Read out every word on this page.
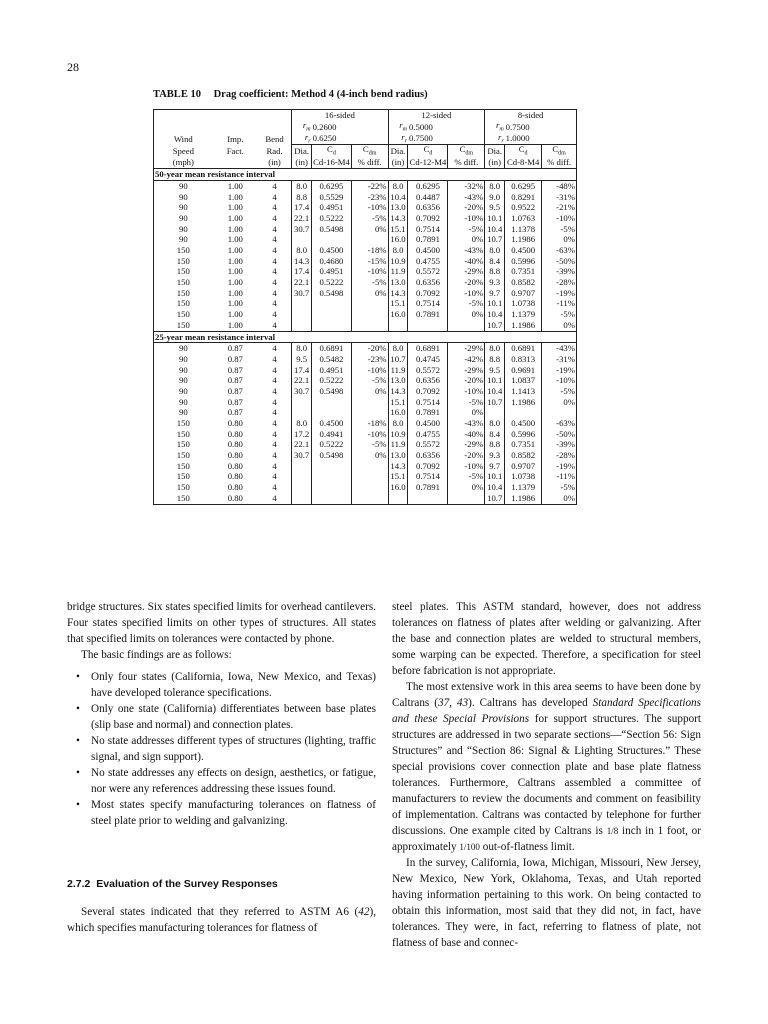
28
TABLE 10 Drag coefficient: Method 4 (4-inch bend radius)
			16-sided			12-sided			8-sided		
			$r_m$	0.2600		$r_m$	0.5000		$r_m$	0.7500	
Wind	Imp.	Bend	$r_r$	0.6250		$r_r$	0.7500		$r_r$	1.0000	
Speed	Fact.	Rad.	Dia.	$C_d$	$C_{dm}$	Dia.	$C_d$	$C_{dm}$	Dia.	$C_d$	$C_{dm}$
(mph)		(in)	(in)	Cd-16-M4	% diff.	(in)	Cd-12-M4	% diff.	(in)	Cd-8-M4	% diff.
50-year mean resistance interval											
90	1.00	4	8.0	0.6295	-22%	8.0	0.6295	-32%	8.0	0.6295	-48%
90	1.00	4	8.8	0.5529	-23%	10.4	0.4487	-43%	9.0	0.8291	-31%
90	1.00	4	17.4	0.4951	-10%	13.0	0.6356	-20%	9.5	0.9522	-21%
90	1.00	4	22.1	0.5222	-5%	14.3	0.7092	-10%	10.1	1.0763	-10%
90	1.00	4	30.7	0.5498	0%	15.1	0.7514	-5%	10.4	1.1378	-5%
90	1.00	4				16.0	0.7891	0%	10.7	1.1986	0%
150	1.00	4	8.0	0.4500	-18%	8.0	0.4500	-43%	8.0	0.4500	-63%
150	1.00	4	14.3	0.4680	-15%	10.9	0.4755	-40%	8.4	0.5996	-50%
150	1.00	4	17.4	0.4951	-10%	11.9	0.5572	-29%	8.8	0.7351	-39%
150	1.00	4	22.1	0.5222	-5%	13.0	0.6356	-20%	9.3	0.8582	-28%
150	1.00	4	30.7	0.5498	0%	14.3	0.7092	-10%	9.7	0.9707	-19%
150	1.00	4				15.1	0.7514	-5%	10.1	1.0738	-11%
150	1.00	4				16.0	0.7891	0%	10.4	1.1379	-5%
150	1.00	4							10.7	1.1986	0%
25-year mean resistance interval											
90	0.87	4	8.0	0.6891	-20%	8.0	0.6891	-29%	8.0	0.6891	-43%
90	0.87	4	9.5	0.5482	-23%	10.7	0.4745	-42%	8.8	0.8313	-31%
90	0.87	4	17.4	0.4951	-10%	11.9	0.5572	-29%	9.5	0.9691	-19%
90	0.87	4	22.1	0.5222	-5%	13.0	0.6356	-20%	10.1	1.0837	-10%
90	0.87	4	30.7	0.5498	0%	14.3	0.7092	-10%	10.4	1.1413	-5%
90	0.87	4				15.1	0.7514	-5%	10.7	1.1986	0%
90	0.87	4				16.0	0.7891	0%			
150	0.80	4	8.0	0.4500	-18%	8.0	0.4500	-43%	8.0	0.4500	-63%
150	0.80	4	17.2	0.4941	-10%	10.9	0.4755	-40%	8.4	0.5996	-50%
150	0.80	4	22.1	0.5222	-5%	11.9	0.5572	-29%	8.8	0.7351	-39%
150	0.80	4	30.7	0.5498	0%	13.0	0.6356	-20%	9.3	0.8582	-28%
150	0.80	4				14.3	0.7092	-10%	9.7	0.9707	-19%
150	0.80	4				15.1	0.7514	-5%	10.1	1.0738	-11%
150	0.80	4				16.0	0.7891	0%	10.4	1.1379	-5%
150	0.80	4							10.7	1.1986	0%

bridge structures. Six states specified limits for overhead cantilevers. Four states specified limits on other types of structures. All states that specified limits on tolerances were contacted by phone.

The basic findings are as follows:

• Only four states (California, Iowa, New Mexico, and Texas) have developed tolerance specifications.
• Only one state (California) differentiates between base plates (slip base and normal) and connection plates.
• No state addresses different types of structures (lighting, traffic signal, and sign support).
• No state addresses any effects on design, aesthetics, or fatigue, nor were any references addressing these issues found.
• Most states specify manufacturing tolerances on flatness of steel plate prior to welding and galvanizing.
2.7.2 Evaluation of the Survey Responses

Several states indicated that they referred to ASTM A6 (42), which specifies manufacturing tolerances for flatness of

steel plates. This ASTM standard, however, does not address tolerances on flatness of plates after welding or galvanizing. After the base and connection plates are welded to structural members, some warping can be expected. Therefore, a specification for steel before fabrication is not appropriate.

The most extensive work in this area seems to have been done by Caltrans (37, 43). Caltrans has developed Standard Specifications and these Special Provisions for support structures. The support structures are addressed in two separate sections—“Section 56: Sign Structures” and “Section 86: Signal & Lighting Structures.” These special provisions cover connection plate and base plate flatness tolerances. Furthermore, Caltrans assembled a committee of manufacturers to review the documents and comment on feasibility of implementation. Caltrans was contacted by telephone for further discussions. One example cited by Caltrans is 1/8 inch in 1 foot, or approximately 1/100 out-of-flatness limit.

In the survey, California, Iowa, Michigan, Missouri, New Jersey, New Mexico, New York, Oklahoma, Texas, and Utah reported having information pertaining to this work. On being contacted to obtain this information, most said that they did not, in fact, have tolerances. They were, in fact, referring to flatness of plate, not flatness of base and connec-
